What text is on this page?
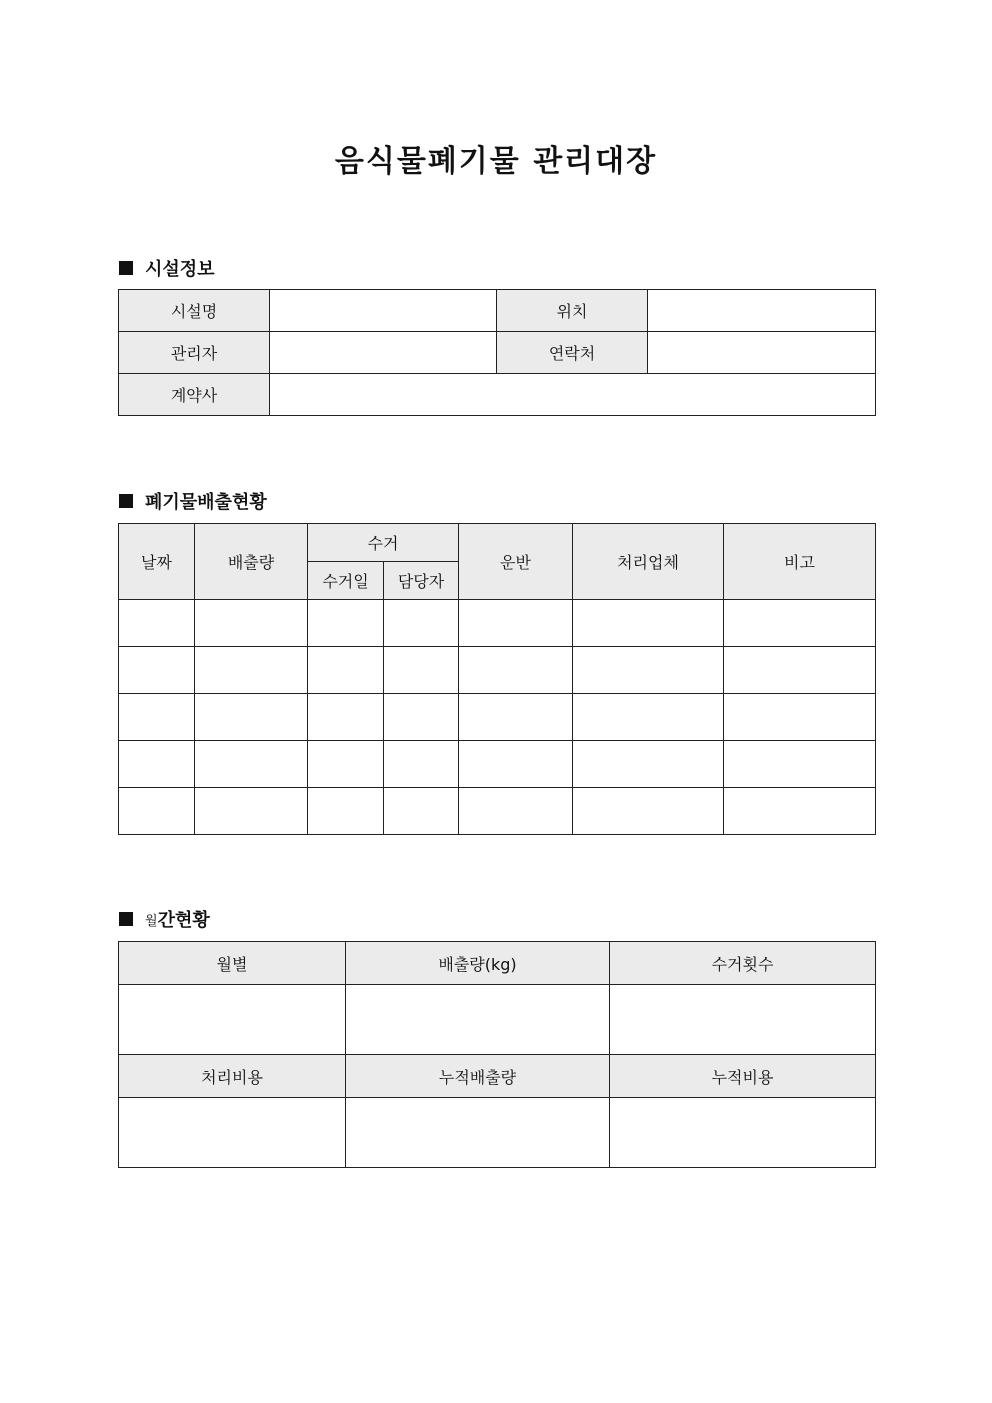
음식물폐기물 관리대장
시설정보
시설명		위치	
관리자		연락처	
계약사			
폐기물배출현황
날짜	배출량	수거		운반	처리업체	비고
		수거일	담당자			

월 간현황
월별	배출량(kg)	수거횟수

처리비용	누적배출량	누적비용
